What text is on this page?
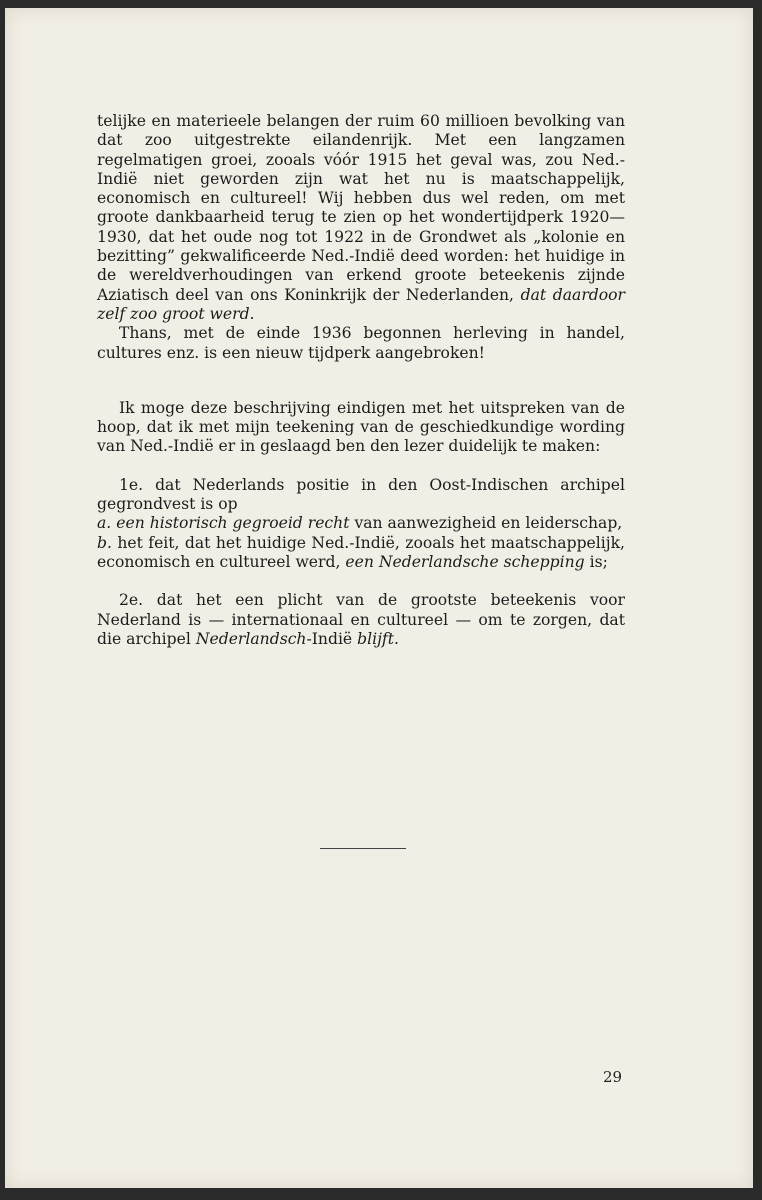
telijke en materieele belangen der ruim 60 millioen bevolking van dat zoo uitgestrekte eilandenrijk. Met een langzamen regelmatigen groei, zooals vóór 1915 het geval was, zou Ned.-Indië niet geworden zijn wat het nu is maatschappelijk, economisch en cultureel! Wij hebben dus wel reden, om met groote dankbaarheid terug te zien op het wondertijdperk 1920—1930, dat het oude nog tot 1922 in de Grondwet als „kolonie en bezitting” gekwalificeerde Ned.-Indië deed worden: het huidige in de wereldverhoudingen van erkend groote beteekenis zijnde Aziatisch deel van ons Koninkrijk der Nederlanden, dat daardoor zelf zoo groot werd.

Thans, met de einde 1936 begonnen herleving in handel, cultures enz. is een nieuw tijdperk aangebroken!

Ik moge deze beschrijving eindigen met het uitspreken van de hoop, dat ik met mijn teekening van de geschiedkundige wording van Ned.-Indië er in geslaagd ben den lezer duidelijk te maken:

1e. dat Nederlands positie in den Oost-Indischen archipel gegrondvest is op

a. een historisch gegroeid recht van aanwezigheid en leiderschap,

b. het feit, dat het huidige Ned.-Indië, zooals het maatschappelijk, economisch en cultureel werd, een Nederlandsche schepping is;

2e. dat het een plicht van de grootste beteekenis voor Nederland is — internationaal en cultureel — om te zorgen, dat die archipel Nederlandsch-Indië blijft.

29
